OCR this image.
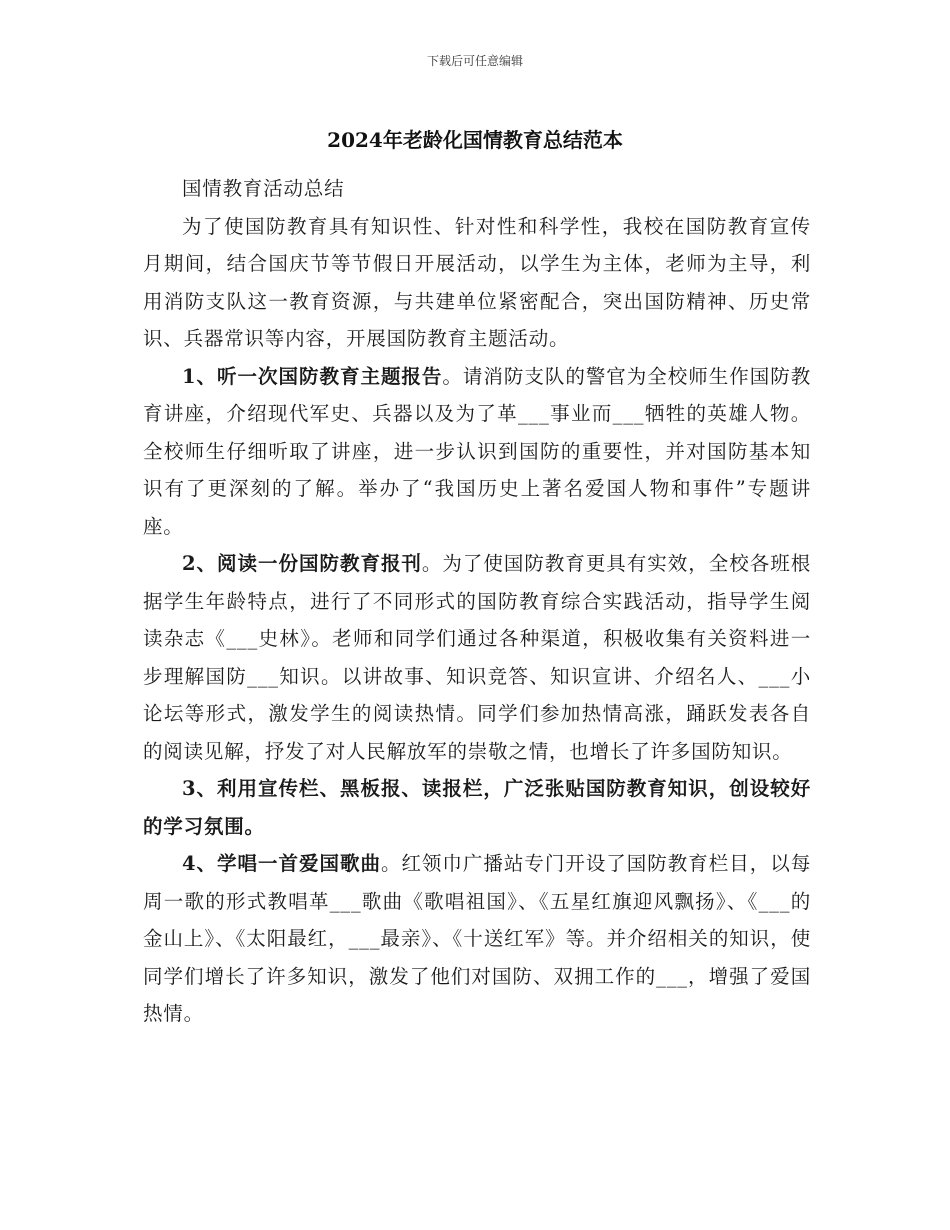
下载后可任意编辑
2024年老龄化国情教育总结范本

国情教育活动总结

为了使国防教育具有知识性、针对性和科学性，我校在国防教育宣传月期间，结合国庆节等节假日开展活动，以学生为主体，老师为主导，利用消防支队这一教育资源，与共建单位紧密配合，突出国防精神、历史常识、兵器常识等内容，开展国防教育主题活动。

1、听一次国防教育主题报告。请消防支队的警官为全校师生作国防教育讲座，介绍现代军史、兵器以及为了革___事业而___牺牲的英雄人物。全校师生仔细听取了讲座，进一步认识到国防的重要性，并对国防基本知识有了更深刻的了解。举办了“我国历史上著名爱国人物和事件”专题讲座。

2、阅读一份国防教育报刊。为了使国防教育更具有实效，全校各班根据学生年龄特点，进行了不同形式的国防教育综合实践活动，指导学生阅读杂志《___史林》。老师和同学们通过各种渠道，积极收集有关资料进一步理解国防___知识。以讲故事、知识竞答、知识宣讲、介绍名人、___小论坛等形式，激发学生的阅读热情。同学们参加热情高涨，踊跃发表各自的阅读见解，抒发了对人民解放军的崇敬之情，也增长了许多国防知识。

3、利用宣传栏、黑板报、读报栏，广泛张贴国防教育知识，创设较好的学习氛围。

4、学唱一首爱国歌曲。红领巾广播站专门开设了国防教育栏目，以每周一歌的形式教唱革___歌曲《歌唱祖国》、《五星红旗迎风飘扬》、《___的金山上》、《太阳最红，___最亲》、《十送红军》等。并介绍相关的知识，使同学们增长了许多知识，激发了他们对国防、双拥工作的___，增强了爱国热情。
